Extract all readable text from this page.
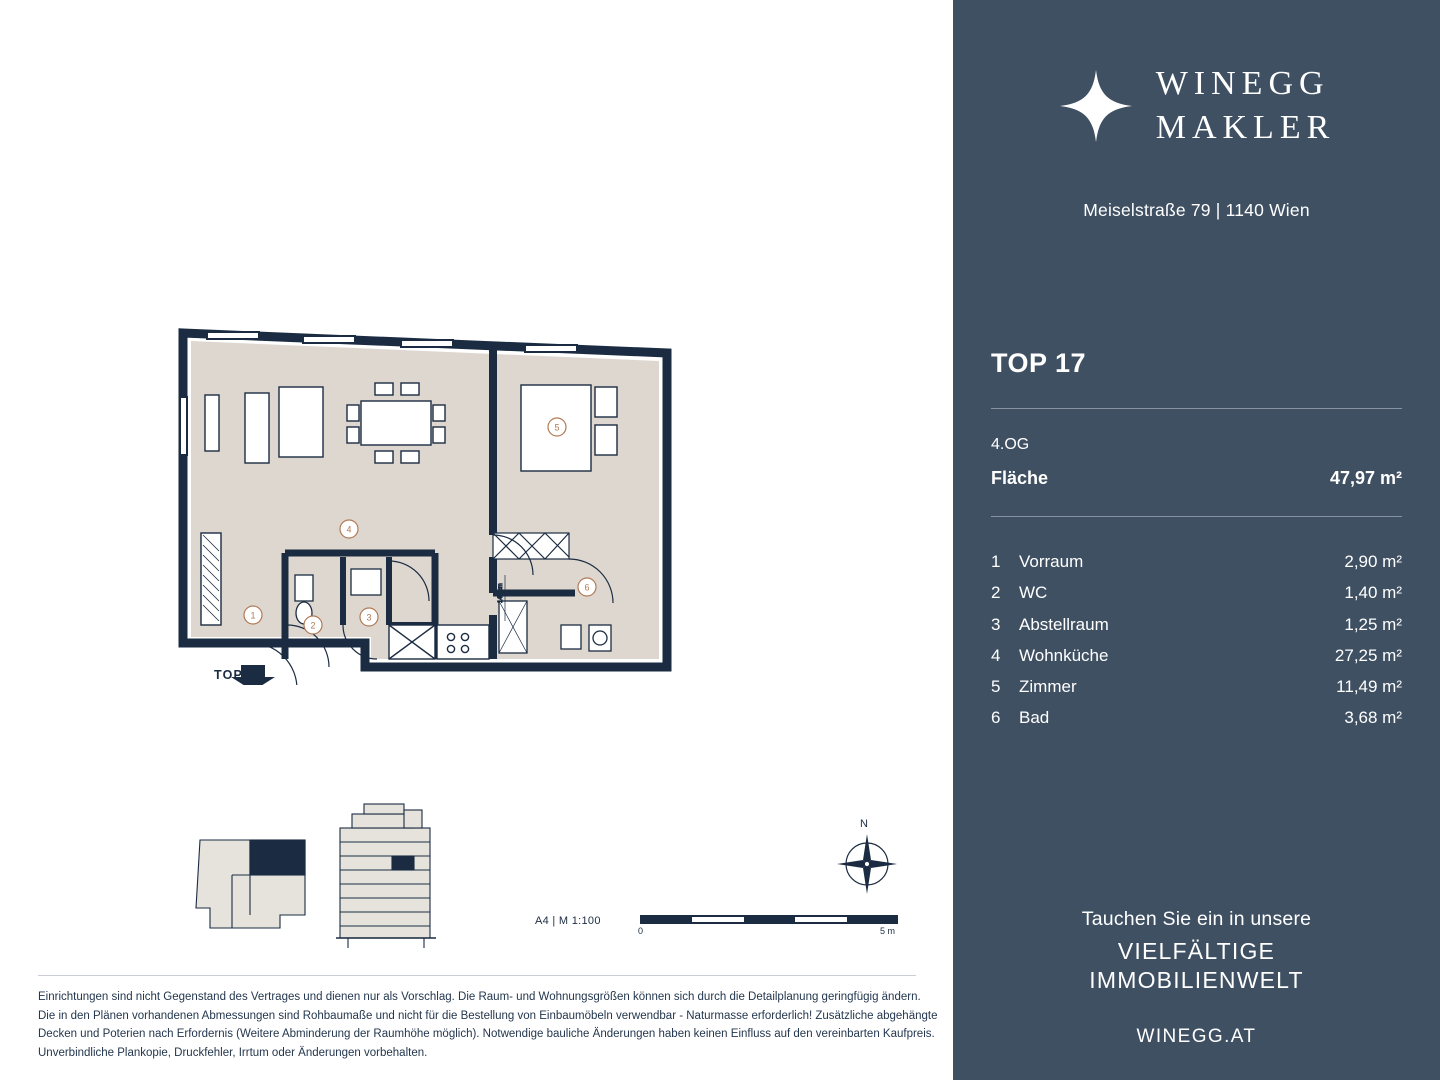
140 cm
1
2
3
4
5
6
TOP 17
A4 | M 1:100
0	5 m
N
Einrichtungen sind nicht Gegenstand des Vertrages und dienen nur als Vorschlag. Die Raum- und Wohnungsgrößen können sich durch die Detailplanung geringfügig ändern. Die in den Plänen vorhandenen Abmessungen sind Rohbaumaße und nicht für die Bestellung von Einbaumöbeln verwendbar - Naturmasse erforderlich! Zusätzliche abgehängte Decken und Poterien nach Erfordernis (Weitere Abminderung der Raumhöhe möglich). Notwendige bauliche Änderungen haben keinen Einfluss auf den vereinbarten Kaufpreis. Unverbindliche Plankopie, Druckfehler, Irrtum oder Änderungen vorbehalten.
WINEGG
MAKLER
Meiselstraße 79 | 1140 Wien
TOP 17
4.OG
Fläche	47,97 m²
1	Vorraum	2,90 m²
2	WC	1,40 m²
3	Abstellraum	1,25 m²
4	Wohnküche	27,25 m²
5	Zimmer	11,49 m²
6	Bad	3,68 m²
Tauchen Sie ein in unsere
VIELFÄLTIGE
IMMOBILIENWELT
WINEGG.AT
